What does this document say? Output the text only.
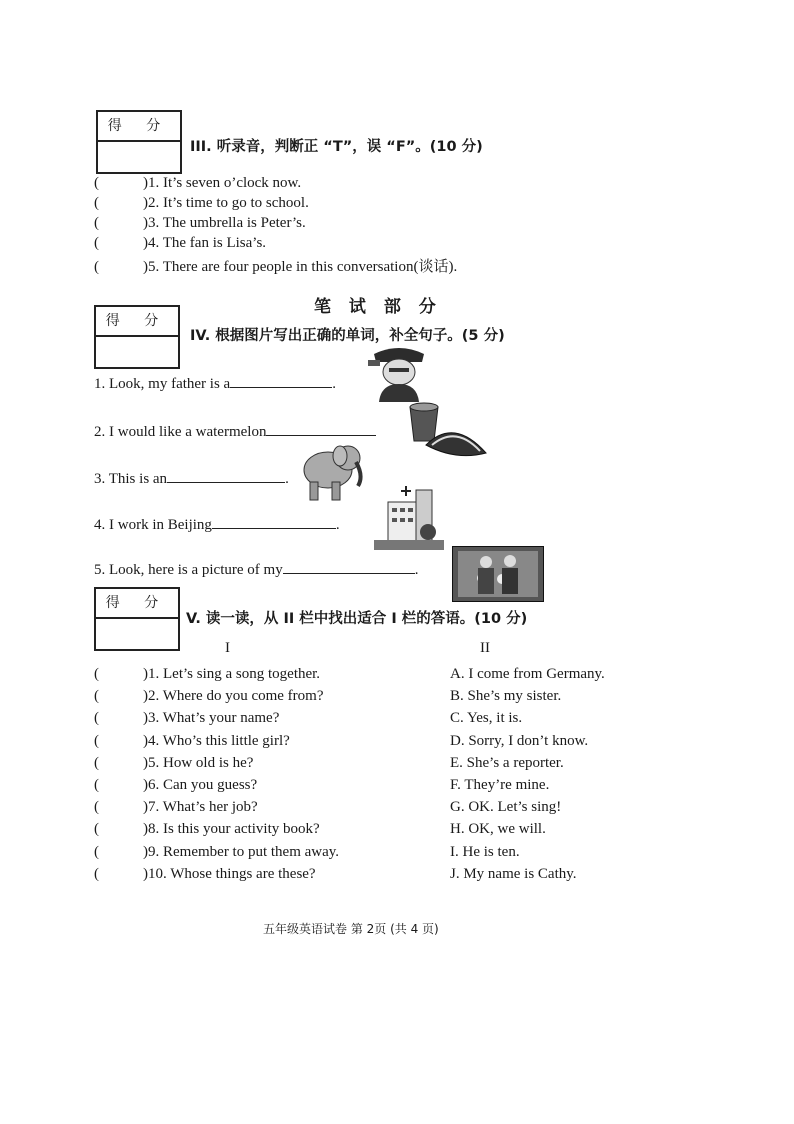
得 分
III. 听录音，判断正 “T”，误 “F”。(10 分)
(	) 1. It’s seven o’clock now.
(	) 2. It’s time to go to school.
(	) 3. The umbrella is Peter’s.
(	) 4. The fan is Lisa’s.
(	) 5. There are four people in this conversation(谈话).
笔 试 部 分
得 分
IV. 根据图片写出正确的单词，补全句子。(5 分)
1. Look, my father is a	.
2. I would like a watermelon
3. This is an	.
4. I work in Beijing	.
5. Look, here is a picture of my	.
得 分
V. 读一读，从 II 栏中找出适合 I 栏的答语。(10 分)
I	II
(	) 1. Let’s sing a song together.	A. I come from Germany.
(	) 2. Where do you come from?	B. She’s my sister.
(	) 3. What’s your name?	C. Yes, it is.
(	) 4. Who’s this little girl?	D. Sorry, I don’t know.
(	) 5. How old is he?	E. She’s a reporter.
(	) 6. Can you guess?	F. They’re mine.
(	) 7. What’s her job?	G. OK. Let’s sing!
(	) 8. Is this your activity book?	H. OK, we will.
(	) 9. Remember to put them away.	I. He is ten.
(	) 10. Whose things are these?	J. My name is Cathy.
五年级英语试卷 第 2页 (共 4 页)
